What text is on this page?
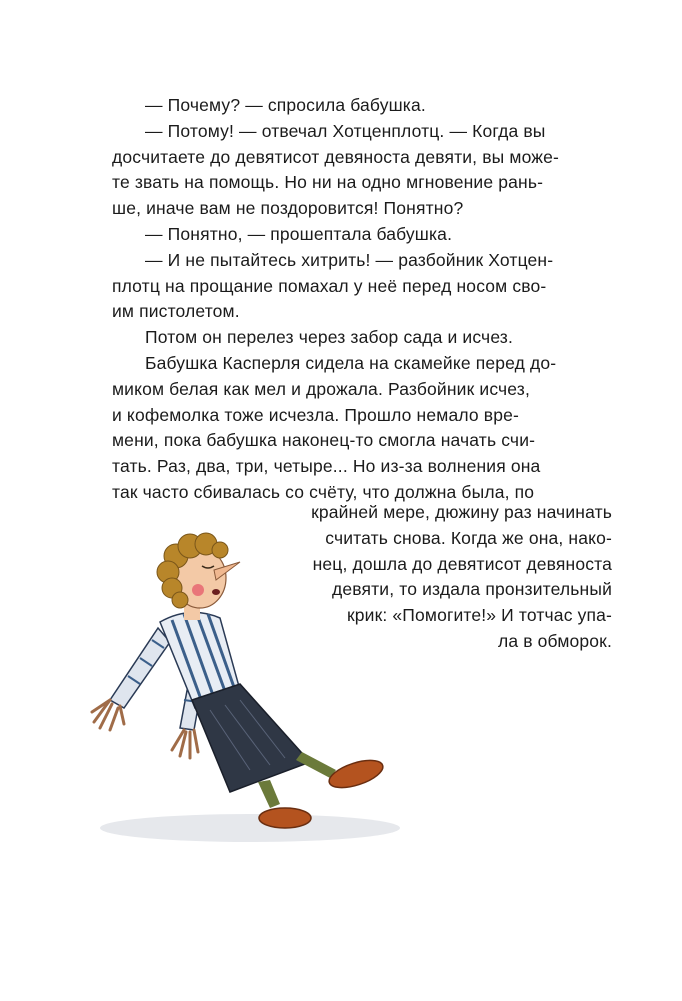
— Почему? — спросила бабушка.
— Потому! — отвечал Хотценплотц. — Когда вы
досчитаете до девятисот девяноста девяти, вы може-
те звать на помощь. Но ни на одно мгновение рань-
ше, иначе вам не поздоровится! Понятно?
— Понятно, — прошептала бабушка.
— И не пытайтесь хитрить! — разбойник Хотцен-
плотц на прощание помахал у неё перед носом сво-
им пистолетом.
Потом он перелез через забор сада и исчез.
Бабушка Касперля сидела на скамейке перед до-
миком белая как мел и дрожала. Разбойник исчез,
и кофемолка тоже исчезла. Прошло немало вре-
мени, пока бабушка наконец-то смогла начать счи-
тать. Раз, два, три, четыре... Но из-за волнения она
так часто сбивалась со счёту, что должна была, по
крайней мере, дюжину раз начинать
считать снова. Когда же она, нако-
нец, дошла до девятисот девяноста
девяти, то издала пронзительный
крик: «Помогите!» И тотчас упа-
ла в обморок.
